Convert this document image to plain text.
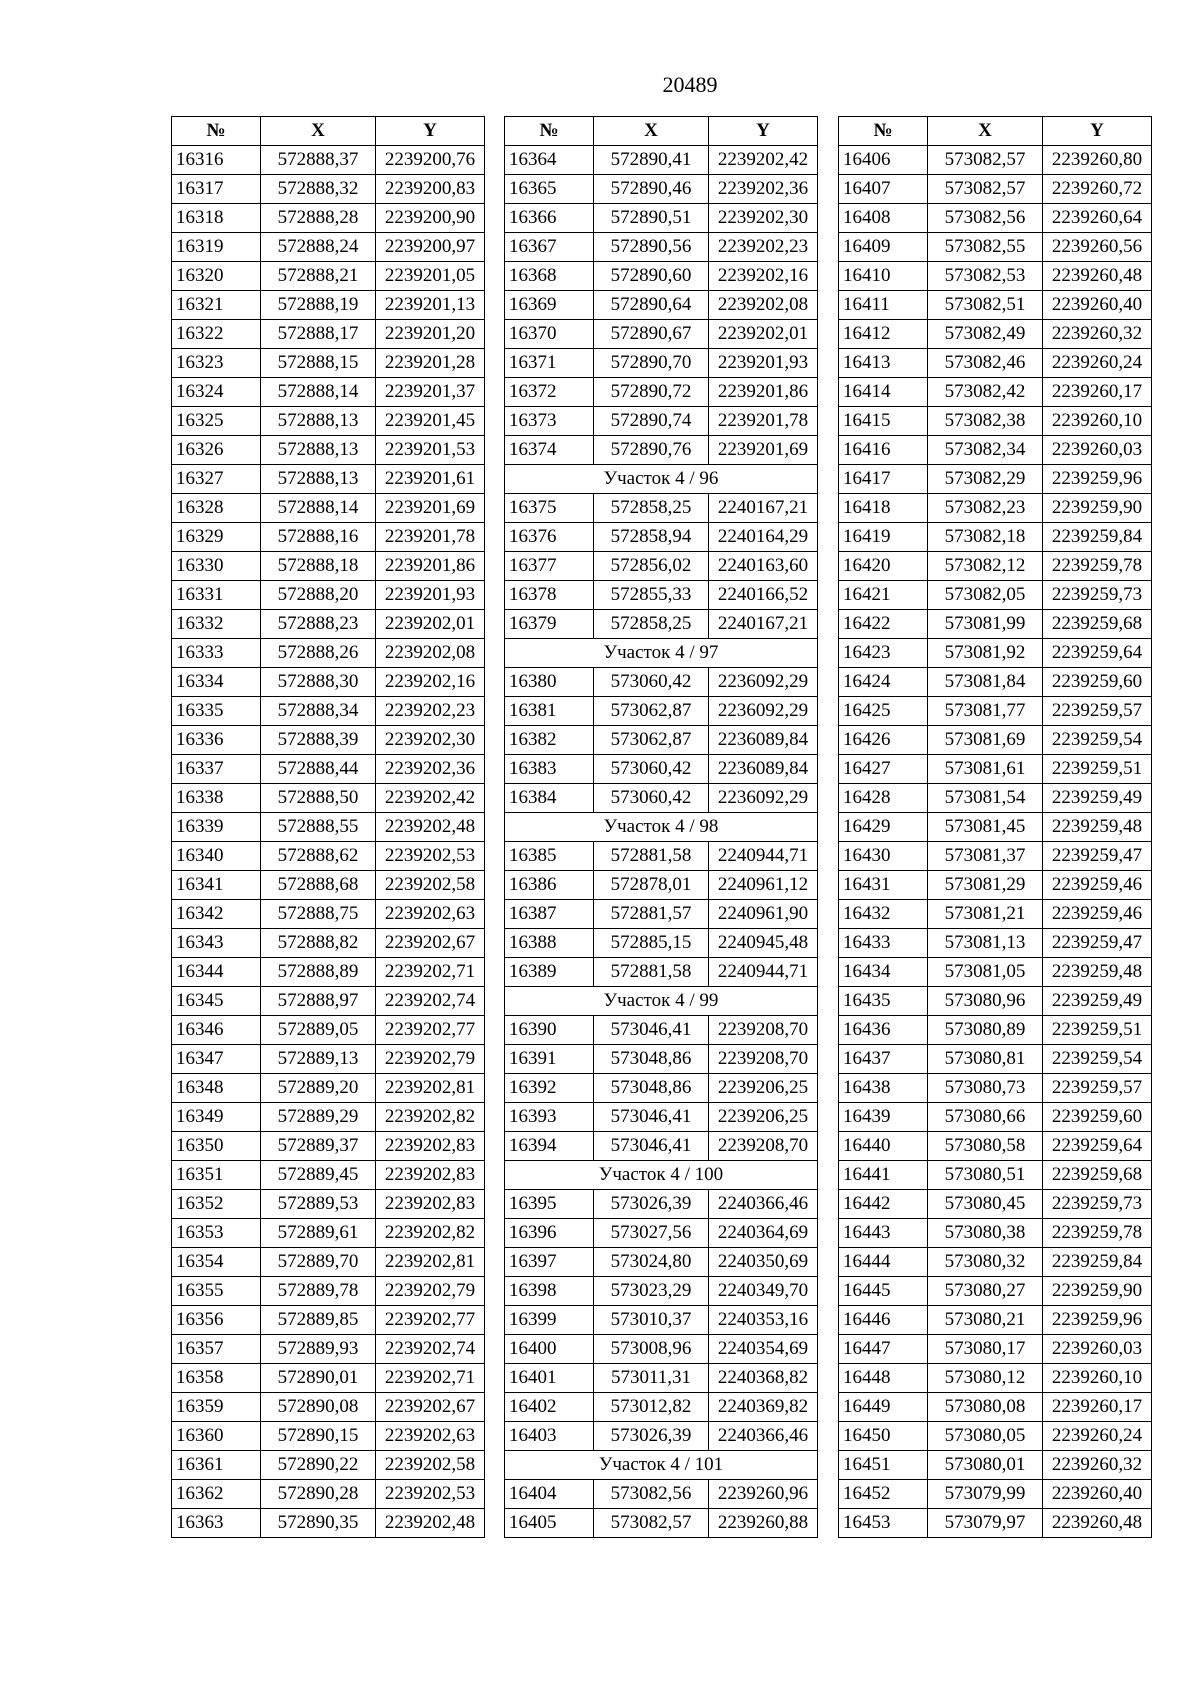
20489
№	X	Y
16316	572888,37	2239200,76
16317	572888,32	2239200,83
16318	572888,28	2239200,90
16319	572888,24	2239200,97
16320	572888,21	2239201,05
16321	572888,19	2239201,13
16322	572888,17	2239201,20
16323	572888,15	2239201,28
16324	572888,14	2239201,37
16325	572888,13	2239201,45
16326	572888,13	2239201,53
16327	572888,13	2239201,61
16328	572888,14	2239201,69
16329	572888,16	2239201,78
16330	572888,18	2239201,86
16331	572888,20	2239201,93
16332	572888,23	2239202,01
16333	572888,26	2239202,08
16334	572888,30	2239202,16
16335	572888,34	2239202,23
16336	572888,39	2239202,30
16337	572888,44	2239202,36
16338	572888,50	2239202,42
16339	572888,55	2239202,48
16340	572888,62	2239202,53
16341	572888,68	2239202,58
16342	572888,75	2239202,63
16343	572888,82	2239202,67
16344	572888,89	2239202,71
16345	572888,97	2239202,74
16346	572889,05	2239202,77
16347	572889,13	2239202,79
16348	572889,20	2239202,81
16349	572889,29	2239202,82
16350	572889,37	2239202,83
16351	572889,45	2239202,83
16352	572889,53	2239202,83
16353	572889,61	2239202,82
16354	572889,70	2239202,81
16355	572889,78	2239202,79
16356	572889,85	2239202,77
16357	572889,93	2239202,74
16358	572890,01	2239202,71
16359	572890,08	2239202,67
16360	572890,15	2239202,63
16361	572890,22	2239202,58
16362	572890,28	2239202,53
16363	572890,35	2239202,48
№	X	Y
16364	572890,41	2239202,42
16365	572890,46	2239202,36
16366	572890,51	2239202,30
16367	572890,56	2239202,23
16368	572890,60	2239202,16
16369	572890,64	2239202,08
16370	572890,67	2239202,01
16371	572890,70	2239201,93
16372	572890,72	2239201,86
16373	572890,74	2239201,78
16374	572890,76	2239201,69
Участок 4 / 96		
16375	572858,25	2240167,21
16376	572858,94	2240164,29
16377	572856,02	2240163,60
16378	572855,33	2240166,52
16379	572858,25	2240167,21
Участок 4 / 97		
16380	573060,42	2236092,29
16381	573062,87	2236092,29
16382	573062,87	2236089,84
16383	573060,42	2236089,84
16384	573060,42	2236092,29
Участок 4 / 98		
16385	572881,58	2240944,71
16386	572878,01	2240961,12
16387	572881,57	2240961,90
16388	572885,15	2240945,48
16389	572881,58	2240944,71
Участок 4 / 99		
16390	573046,41	2239208,70
16391	573048,86	2239208,70
16392	573048,86	2239206,25
16393	573046,41	2239206,25
16394	573046,41	2239208,70
Участок 4 / 100		
16395	573026,39	2240366,46
16396	573027,56	2240364,69
16397	573024,80	2240350,69
16398	573023,29	2240349,70
16399	573010,37	2240353,16
16400	573008,96	2240354,69
16401	573011,31	2240368,82
16402	573012,82	2240369,82
16403	573026,39	2240366,46
Участок 4 / 101		
16404	573082,56	2239260,96
16405	573082,57	2239260,88
№	X	Y
16406	573082,57	2239260,80
16407	573082,57	2239260,72
16408	573082,56	2239260,64
16409	573082,55	2239260,56
16410	573082,53	2239260,48
16411	573082,51	2239260,40
16412	573082,49	2239260,32
16413	573082,46	2239260,24
16414	573082,42	2239260,17
16415	573082,38	2239260,10
16416	573082,34	2239260,03
16417	573082,29	2239259,96
16418	573082,23	2239259,90
16419	573082,18	2239259,84
16420	573082,12	2239259,78
16421	573082,05	2239259,73
16422	573081,99	2239259,68
16423	573081,92	2239259,64
16424	573081,84	2239259,60
16425	573081,77	2239259,57
16426	573081,69	2239259,54
16427	573081,61	2239259,51
16428	573081,54	2239259,49
16429	573081,45	2239259,48
16430	573081,37	2239259,47
16431	573081,29	2239259,46
16432	573081,21	2239259,46
16433	573081,13	2239259,47
16434	573081,05	2239259,48
16435	573080,96	2239259,49
16436	573080,89	2239259,51
16437	573080,81	2239259,54
16438	573080,73	2239259,57
16439	573080,66	2239259,60
16440	573080,58	2239259,64
16441	573080,51	2239259,68
16442	573080,45	2239259,73
16443	573080,38	2239259,78
16444	573080,32	2239259,84
16445	573080,27	2239259,90
16446	573080,21	2239259,96
16447	573080,17	2239260,03
16448	573080,12	2239260,10
16449	573080,08	2239260,17
16450	573080,05	2239260,24
16451	573080,01	2239260,32
16452	573079,99	2239260,40
16453	573079,97	2239260,48
